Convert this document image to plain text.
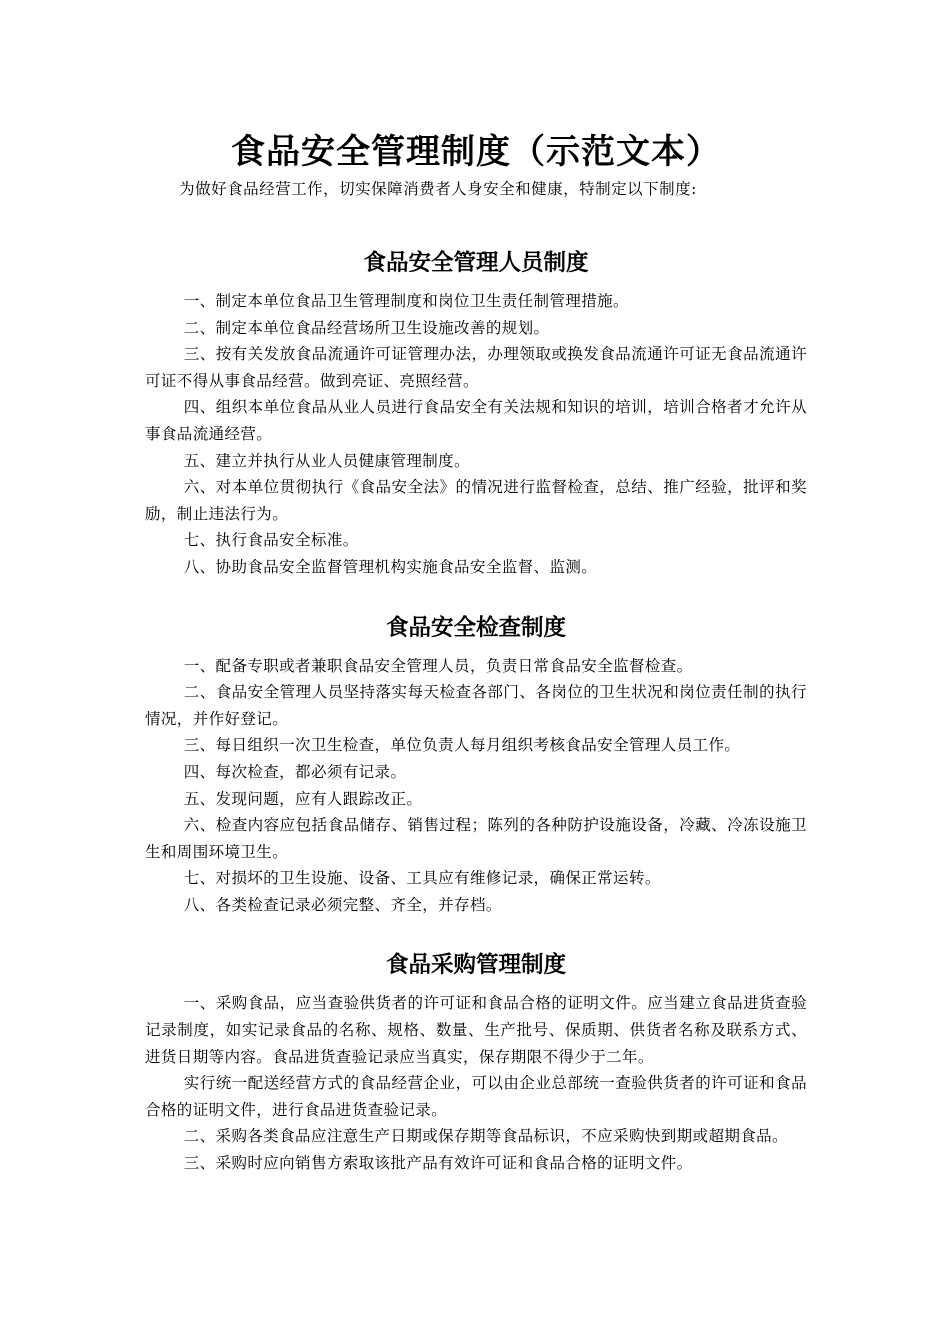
食品安全管理制度（示范文本）

为做好食品经营工作，切实保障消费者人身安全和健康，特制定以下制度:

食品安全管理人员制度

一、制定本单位食品卫生管理制度和岗位卫生责任制管理措施。

二、制定本单位食品经营场所卫生设施改善的规划。

三、按有关发放食品流通许可证管理办法，办理领取或换发食品流通许可证无食品流通许可证不得从事食品经营。做到亮证、亮照经营。

四、组织本单位食品从业人员进行食品安全有关法规和知识的培训，培训合格者才允许从事食品流通经营。

五、建立并执行从业人员健康管理制度。

六、对本单位贯彻执行《食品安全法》的情况进行监督检查，总结、推广经验，批评和奖励，制止违法行为。

七、执行食品安全标准。

八、协助食品安全监督管理机构实施食品安全监督、监测。

食品安全检查制度

一、配备专职或者兼职食品安全管理人员，负责日常食品安全监督检查。

二、食品安全管理人员坚持落实每天检查各部门、各岗位的卫生状况和岗位责任制的执行情况，并作好登记。

三、每日组织一次卫生检查，单位负责人每月组织考核食品安全管理人员工作。

四、每次检查，都必须有记录。

五、发现问题，应有人跟踪改正。

六、检查内容应包括食品储存、销售过程；陈列的各种防护设施设备，冷藏、冷冻设施卫生和周围环境卫生。

七、对损坏的卫生设施、设备、工具应有维修记录，确保正常运转。

八、各类检查记录必须完整、齐全，并存档。

食品采购管理制度

一、采购食品，应当查验供货者的许可证和食品合格的证明文件。应当建立食品进货查验记录制度，如实记录食品的名称、规格、数量、生产批号、保质期、供货者名称及联系方式、进货日期等内容。食品进货查验记录应当真实，保存期限不得少于二年。

实行统一配送经营方式的食品经营企业，可以由企业总部统一查验供货者的许可证和食品合格的证明文件，进行食品进货查验记录。

二、采购各类食品应注意生产日期或保存期等食品标识，不应采购快到期或超期食品。

三、采购时应向销售方索取该批产品有效许可证和食品合格的证明文件。
